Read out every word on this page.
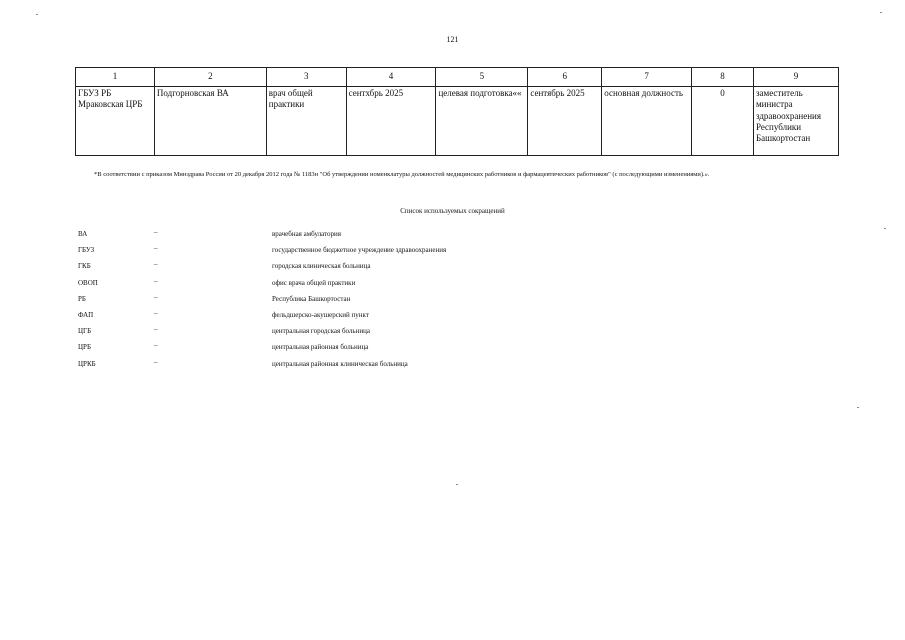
121
1	2	3	4	5	6	7	8	9
ГБУЗ РБ Мраковская ЦРБ	Подгорновская ВА	врач общей практики	сентхбрь 2025	целевая подготовка««	сентябрь 2025	основная должность	0	заместитель министра здравоохранения Республики Башкортостан
*В соответствии с приказом Минздрава России от 20 декабря 2012 года № 1183н "Об утверждении номенклатуры должностей медицинских работников и фармацевтических работников" (с последующими изменениями).».
Список используемых сокращений
ВА	–	врачебная амбулатория
ГБУЗ	–	государственное бюджетное учреждение здравоохранения
ГКБ	–	городская клиническая больница
ОВОП	–	офис врача общей практики
РБ	–	Республика Башкортостан
ФАП	–	фельдшерско-акушерский пункт
ЦГБ	–	центральная городская больница
ЦРБ	–	центральная районная больница
ЦРКБ	–	центральная районная клиническая больница
